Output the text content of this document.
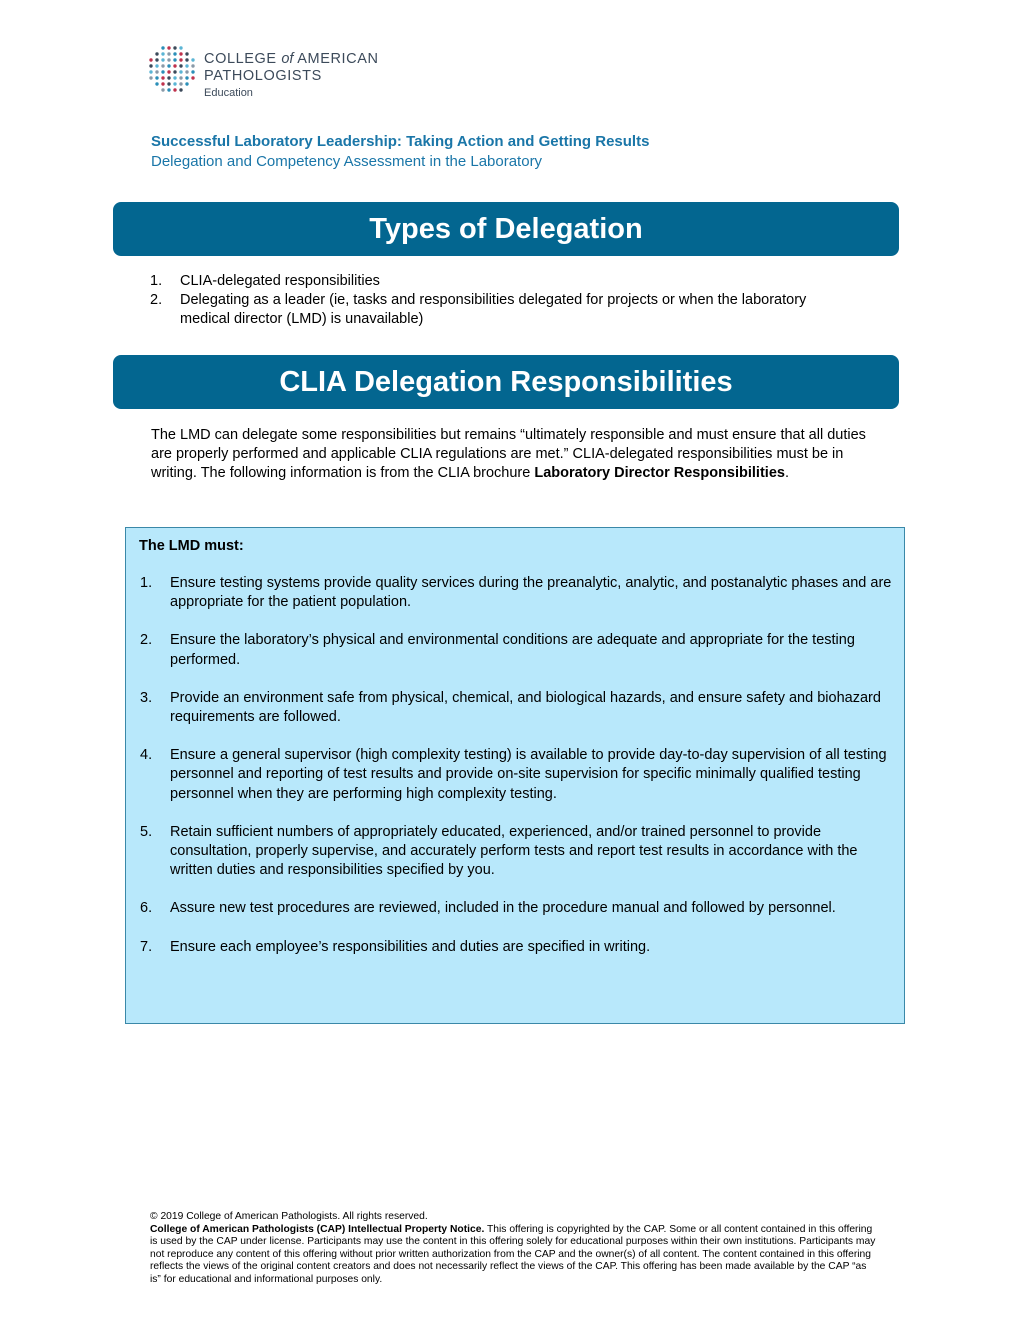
COLLEGE of AMERICAN
PATHOLOGISTS
Education
Successful Laboratory Leadership: Taking Action and Getting Results
Delegation and Competency Assessment in the Laboratory
Types of Delegation
1. CLIA-delegated responsibilities
2. Delegating as a leader (ie, tasks and responsibilities delegated for projects or when the laboratory medical director (LMD) is unavailable)
CLIA Delegation Responsibilities
The LMD can delegate some responsibilities but remains “ultimately responsible and must ensure that all duties are properly performed and applicable CLIA regulations are met.” CLIA-delegated responsibilities must be in writing. The following information is from the CLIA brochure Laboratory Director Responsibilities.
The LMD must:
1. Ensure testing systems provide quality services during the preanalytic, analytic, and postanalytic phases and are appropriate for the patient population.
2. Ensure the laboratory’s physical and environmental conditions are adequate and appropriate for the testing performed.
3. Provide an environment safe from physical, chemical, and biological hazards, and ensure safety and biohazard requirements are followed.
4. Ensure a general supervisor (high complexity testing) is available to provide day-to-day supervision of all testing personnel and reporting of test results and provide on-site supervision for specific minimally qualified testing personnel when they are performing high complexity testing.
5. Retain sufficient numbers of appropriately educated, experienced, and/or trained personnel to provide consultation, properly supervise, and accurately perform tests and report test results in accordance with the written duties and responsibilities specified by you.
6. Assure new test procedures are reviewed, included in the procedure manual and followed by personnel.
7. Ensure each employee’s responsibilities and duties are specified in writing.
© 2019 College of American Pathologists. All rights reserved.
College of American Pathologists (CAP) Intellectual Property Notice. This offering is copyrighted by the CAP. Some or all content contained in this offering is used by the CAP under license. Participants may use the content in this offering solely for educational purposes within their own institutions. Participants may not reproduce any content of this offering without prior written authorization from the CAP and the owner(s) of all content. The content contained in this offering reflects the views of the original content creators and does not necessarily reflect the views of the CAP. This offering has been made available by the CAP “as is” for educational and informational purposes only.
